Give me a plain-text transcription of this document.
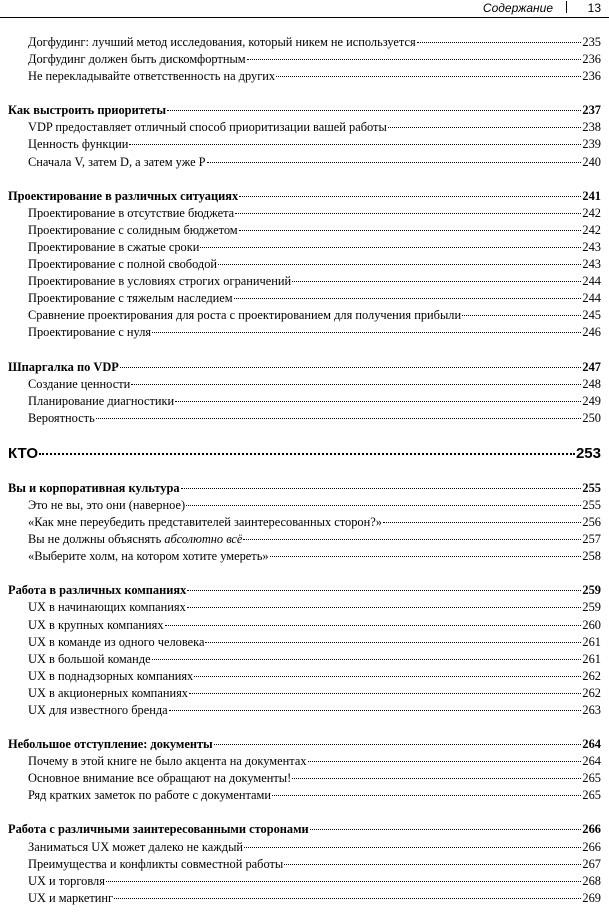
Содержание	13
Догфудинг: лучший метод исследования, который никем не используется	235
Догфудинг должен быть дискомфортным	236
Не перекладывайте ответственность на других	236
Как выстроить приоритеты	237
VDP предоставляет отличный способ приоритизации вашей работы	238
Ценность функции	239
Сначала V, затем D, а затем уже P	240
Проектирование в различных ситуациях	241
Проектирование в отсутствие бюджета	242
Проектирование с солидным бюджетом	242
Проектирование в сжатые сроки	243
Проектирование с полной свободой	243
Проектирование в условиях строгих ограничений	244
Проектирование с тяжелым наследием	244
Сравнение проектирования для роста с проектированием для получения прибыли	245
Проектирование с нуля	246
Шпаргалка по VDP	247
Создание ценности	248
Планирование диагностики	249
Вероятность	250
КТО	253
Вы и корпоративная культура	255
Это не вы, это они (наверное)	255
«Как мне переубедить представителей заинтересованных сторон?»	256
Вы не должны объяснять абсолютно всё	257
«Выберите холм, на котором хотите умереть»	258
Работа в различных компаниях	259
UX в начинающих компаниях	259
UX в крупных компаниях	260
UX в команде из одного человека	261
UX в большой команде	261
UX в поднадзорных компаниях	262
UX в акционерных компаниях	262
UX для известного бренда	263
Небольшое отступление: документы	264
Почему в этой книге не было акцента на документах	264
Основное внимание все обращают на документы!	265
Ряд кратких заметок по работе с документами	265
Работа с различными заинтересованными сторонами	266
Заниматься UX может далеко не каждый	266
Преимущества и конфликты совместной работы	267
UX и торговля	268
UX и маркетинг	269
